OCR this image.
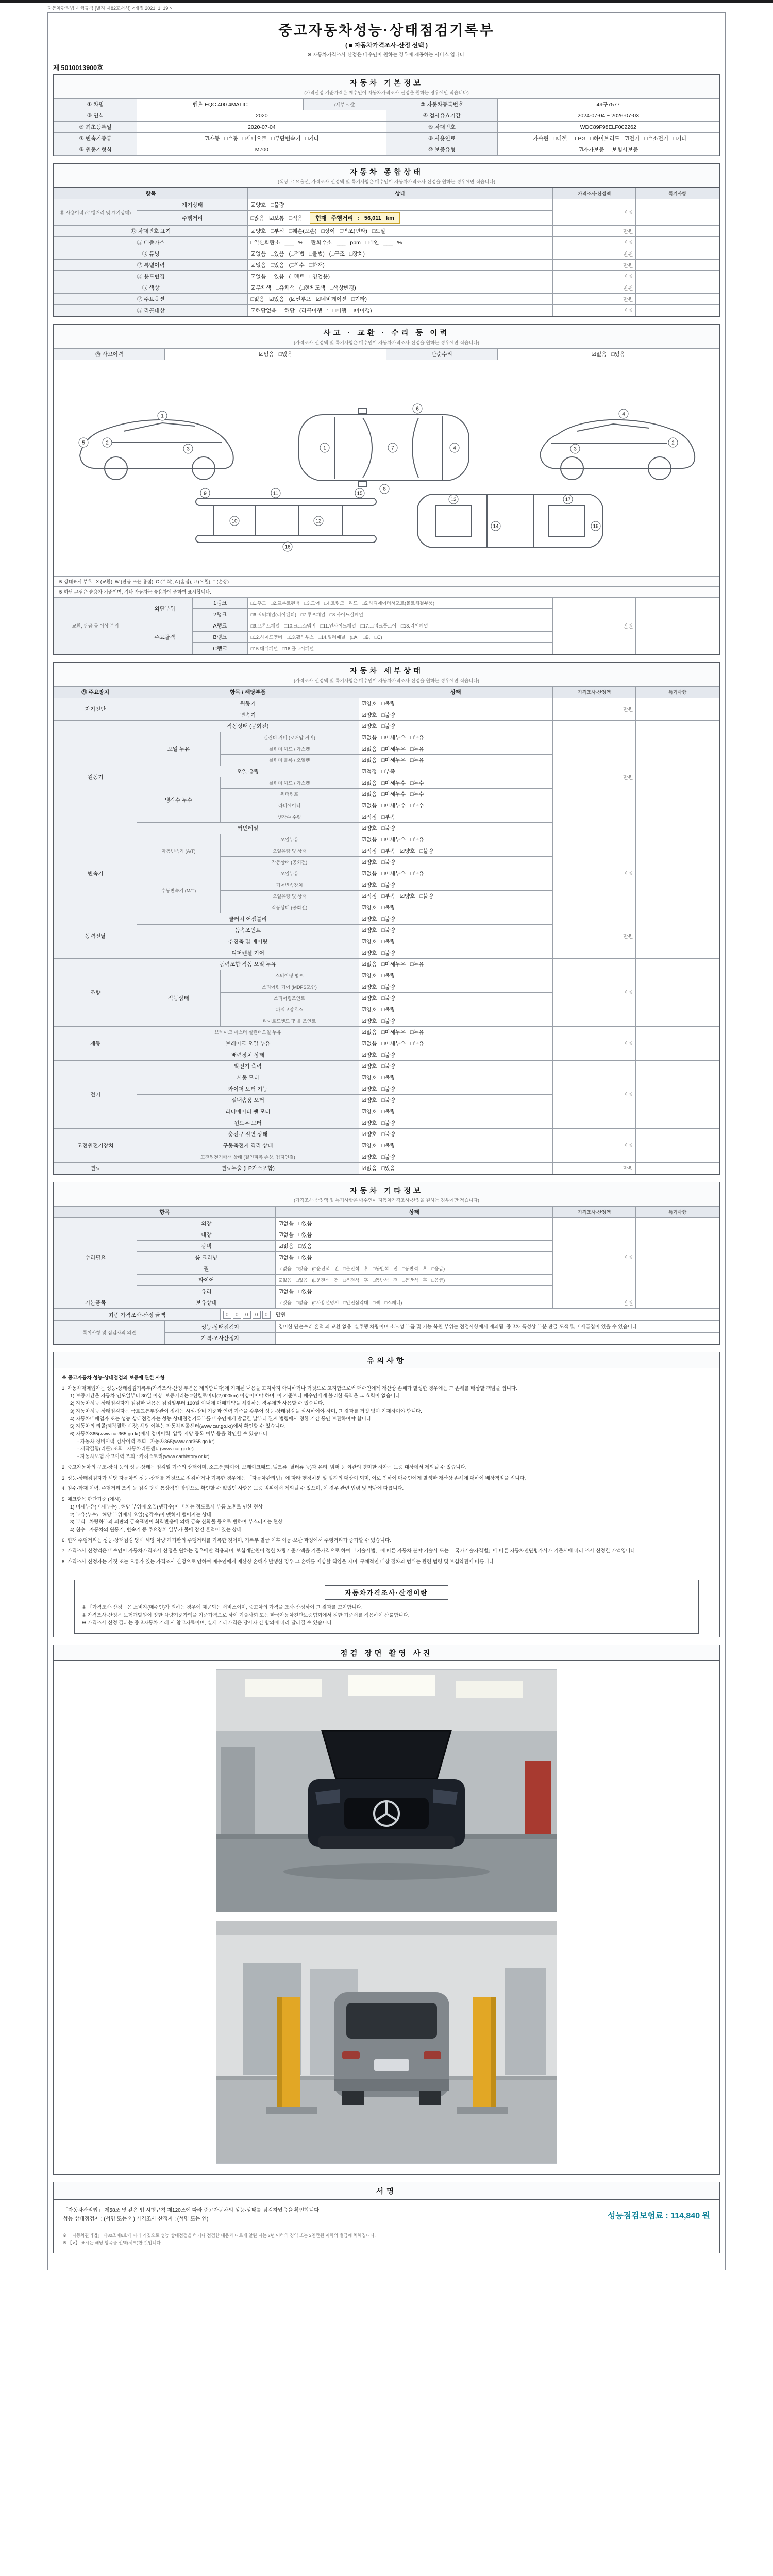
자동차관리법 시행규칙 [별지 제82호서식] <개정 2021. 1. 19.>
중고자동차성능·상태점검기록부
( ■ 자동차가격조사·산정 선택 )
※ 자동차가격조사·산정은 매수인이 원하는 경우에 제공하는 서비스 입니다.
제 5010013900호
자동차 기본정보
(가격산정 기준가격은 매수인이 자동차가격조사·산정을 원하는 경우에만 적습니다)
① 차명	벤츠 EQC 400 4MATIC	(세부모델)	② 자동차등록번호	49구7577
③ 연식	2020		④ 검사유효기간	2024-07-04 ~ 2026-07-03
⑤ 최초등록일	2020-07-04		⑥ 차대번호	WDC89F98ELF002262
⑦ 변속기종류	☑자동 □수동 □세미오토 □무단변속기 □기타		⑧ 사용연료	□가솔린 □디젤 □LPG □하이브리드 ☑전기 □수소전기 □기타
⑨ 원동기형식	M700		⑩ 보증유형	☑자가보증 □보험사보증
자동차 종합상태
(색상, 주요옵션, 가격조사·산정액 및 특기사항은 매수인이 자동차가격조사·산정을 원하는 경우에만 적습니다)
항목		상태	가격조사·산정액	특기사항
⑪ 사용이력 (주행거리 및 계기상태)	계기상태	☑양호 □불량	만원	
	주행거리	□많음 ☑보통 □적음 현재 주행거리 : 56,011 km		
⑫ 차대번호 표기		☑양호 □부식 □훼손(오손) □상이 □변조(변타) □도말	만원	
⑬ 배출가스		□일산화탄소 ___ % □탄화수소 ___ ppm □매연 ___ %	만원	
⑭ 튜닝		☑없음 □있음 (□적법 □불법) (□구조 □장치)	만원	
⑮ 특별이력		☑없음 □있음 (□침수 □화재)	만원	
⑯ 용도변경		☑없음 □있음 (□렌트 □영업용)	만원	
⑰ 색상		☑무채색 □유채색 (□전체도색 □색상변경)	만원	
⑱ 주요옵션		□없음 ☑있음 (☑썬루프 ☑네비게이션 □기타)	만원	
⑲ 리콜대상		☑해당없음 □해당 (리콜이행 : □이행 □미이행)	만원	
사고 · 교환 · 수리 등 이력
(가격조사·산정액 및 특기사항은 매수인이 자동차가격조사·산정을 원하는 경우에만 적습니다)
⑳ 사고이력	☑없음 □있음	단순수리	☑없음 □있음
1
2
3
5
1	7	4
6
8
2
3
4
9
10
11
12
15
16
13
14
17
18
※ 상태표시 부호 : X (교환), W (판금 또는 용접), C (부식), A (흠집), U (요철), T (손상)
※ 하단 그림은 승용차 기준이며, 기타 자동차는 승용차에 준하여 표시합니다.
교환, 판금 등 이상 부위	외판부위	1랭크	□1.후드 □2.프론트펜더 □3.도어 □4.트렁크 리드 □5.라디에이터서포트(볼트체결부품)	만원	
		2랭크	□6.쿼터패널(리어펜더) □7.루프패널 □8.사이드실패널		
	주요골격	A랭크	□9.프론트패널 □10.크로스멤버 □11.인사이드패널 □17.트렁크플로어 □18.리어패널		
		B랭크	□12.사이드멤버 □13.휠하우스 □14.필러패널 (□A, □B, □C)		
		C랭크	□15.대쉬패널 □16.플로어패널		
자동차 세부상태
(가격조사·산정액 및 특기사항은 매수인이 자동차가격조사·산정을 원하는 경우에만 적습니다)
㉑ 주요장치	항목 / 해당부품		상태	가격조사·산정액	특기사항
자기진단	원동기		☑양호 □불량	만원	
	변속기		☑양호 □불량		
원동기	작동상태 (공회전)		☑양호 □불량	만원	
	오일 누유	실린더 커버 (로커암 커버)	☑없음 □미세누유 □누유		
		실린더 헤드 / 가스켓	☑없음 □미세누유 □누유		
		실린더 블록 / 오일팬	☑없음 □미세누유 □누유		
	오일 유량		☑적정 □부족		
	냉각수 누수	실린더 헤드 / 가스켓	☑없음 □미세누수 □누수		
		워터펌프	☑없음 □미세누수 □누수		
		라디에이터	☑없음 □미세누수 □누수		
		냉각수 수량	☑적정 □부족		
	커먼레일		☑양호 □불량		
변속기	자동변속기 (A/T)	오일누유	☑없음 □미세누유 □누유	만원	
		오일유량 및 상태	☑적정 □부족 ☑양호 □불량		
		작동상태 (공회전)	☑양호 □불량		
	수동변속기 (M/T)	오일누유	☑없음 □미세누유 □누유		
		기어변속장치	☑양호 □불량		
		오일유량 및 상태	☑적정 □부족 ☑양호 □불량		
		작동상태 (공회전)	☑양호 □불량		
동력전달	클러치 어셈블리		☑양호 □불량	만원	
	등속조인트		☑양호 □불량		
	추진축 및 베어링		☑양호 □불량		
	디퍼렌셜 기어		☑양호 □불량		
조향	동력조향 작동 오일 누유		☑없음 □미세누유 □누유	만원	
	작동상태	스티어링 펌프	☑양호 □불량		
		스티어링 기어 (MDPS포함)	☑양호 □불량		
		스티어링조인트	☑양호 □불량		
		파워고압호스	☑양호 □불량		
		타이로드엔드 및 볼 조인트	☑양호 □불량		
제동	브레이크 마스터 실린더오일 누유		☑없음 □미세누유 □누유	만원	
	브레이크 오일 누유		☑없음 □미세누유 □누유		
	배력장치 상태		☑양호 □불량		
전기	발전기 출력		☑양호 □불량	만원	
	시동 모터		☑양호 □불량		
	와이퍼 모터 기능		☑양호 □불량		
	실내송풍 모터		☑양호 □불량		
	라디에이터 팬 모터		☑양호 □불량		
	윈도우 모터		☑양호 □불량		
고전원전기장치	충전구 절연 상태		☑양호 □불량	만원	
	구동축전지 격리 상태		☑양호 □불량		
	고전원전기배선 상태 (절연피복 손상, 접지연결)		☑양호 □불량		
연료	연료누출 (LP가스포함)		☑없음 □있음	만원	
자동차 기타정보
(가격조사·산정액 및 특기사항은 매수인이 자동차가격조사·산정을 원하는 경우에만 적습니다)
항목		상태	가격조사·산정액	특기사항
수리필요	외장	☑없음 □있음	만원	
	내장	☑없음 □있음		
	광택	☑없음 □있음		
	룸 크리닝	☑없음 □있음		
	휠	☑없음 □있음 (□운전석 전 □운전석 후 □동반석 전 □동반석 후 □응급)		
	타이어	☑없음 □있음 (□운전석 전 □운전석 후 □동반석 전 □동반석 후 □응급)		
	유리	☑없음 □있음		
기본품목	보유상태	☑있음 □없음 (□사용설명서 □안전삼각대 □잭 □스패너)	만원	
최종 가격조사·산정 금액	0 0 0 0 0 만원
특이사항 및 점검자의 의견	성능·상태점검자	경미한 단순수리 흔적 외 교환 없음. 실주행 차량이며 소모성 부품 및 기능 복원 부위는 점검사항에서 제외됨. 중고차 특성상 부분 판금·도색 및 미세흠집이 있을 수 있습니다.
	가격·조사산정자	
유의사항
※ 중고자동차 성능·상태점검의 보증에 관한 사항
1. 자동차매매업자는 성능·상태점검기록부(가격조사·산정 부분은 제외합니다)에 기재된 내용을 고지하지 아니하거나 거짓으로 고지함으로써 매수인에게 재산상 손해가 발생한 경우에는 그 손해를 배상할 책임을 집니다.
1) 보증기간은 자동차 인도일부터 30일 이상, 보증거리는 2천킬로미터(2,000km) 이상이어야 하며, 이 기준보다 매수인에게 불리한 특약은 그 효력이 없습니다.
2) 자동차성능·상태점검자가 점검한 내용은 점검일부터 120일 이내에 매매계약을 체결하는 경우에만 사용할 수 있습니다.
3) 자동차성능·상태점검자는 국토교통부장관이 정하는 시설·장비 기준과 인력 기준을 갖추어 성능·상태점검을 실시하여야 하며, 그 결과를 거짓 없이 기재하여야 합니다.
4) 자동차매매업자 또는 성능·상태점검자는 성능·상태점검기록부를 매수인에게 발급한 날부터 관계 법령에서 정한 기간 동안 보관하여야 합니다.
5) 자동차의 리콜(제작결함 시정) 해당 여부는 자동차리콜센터(www.car.go.kr)에서 확인할 수 있습니다.
6) 자동차365(www.car365.go.kr)에서 정비이력, 압류·저당 등록 여부 등을 확인할 수 있습니다.
- 자동차 정비이력·검사이력 조회 : 자동차365(www.car365.go.kr)
- 제작결함(리콜) 조회 : 자동차리콜센터(www.car.go.kr)
- 자동차보험 사고이력 조회 : 카히스토리(www.carhistory.or.kr)
2. 중고자동차의 구조·장치 등의 성능·상태는 점검일 기준의 상태이며, 소모품(타이어, 브레이크패드, 벨트류, 필터류 등)과 유리, 범퍼 등 외관의 경미한 하자는 보증 대상에서 제외될 수 있습니다.
3. 성능·상태점검자가 해당 자동차의 성능·상태를 거짓으로 점검하거나 기록한 경우에는 「자동차관리법」에 따라 행정처분 및 벌칙의 대상이 되며, 이로 인하여 매수인에게 발생한 재산상 손해에 대하여 배상책임을 집니다.
4. 침수·화재 이력, 주행거리 조작 등 점검 당시 통상적인 방법으로 확인할 수 없었던 사항은 보증 범위에서 제외될 수 있으며, 이 경우 관련 법령 및 약관에 따릅니다.
5. 체크항목 판단기준 (예시)
1) 미세누유(미세누수) : 해당 부위에 오일(냉각수)이 비치는 정도로서 부품 노후로 인한 현상
2) 누유(누수) : 해당 부위에서 오일(냉각수)이 맺혀서 떨어지는 상태
3) 부식 : 차량하부와 외판의 금속표면이 화학반응에 의해 금속 산화물 등으로 변하여 부스러지는 현상
4) 침수 : 자동차의 원동기, 변속기 등 주요장치 일부가 물에 잠긴 흔적이 있는 상태
6. 현재 주행거리는 성능·상태점검 당시 해당 차량 계기판의 주행거리를 기록한 것이며, 기록부 발급 이후 이동·보관 과정에서 주행거리가 증가할 수 있습니다.
7. 가격조사·산정액은 매수인이 자동차가격조사·산정을 원하는 경우에만 적용되며, 보험개발원이 정한 차량기준가액을 기준가격으로 하여 「기술사법」에 따른 자동차 분야 기술사 또는 「국가기술자격법」에 따른 자동차진단평가사가 기준서에 따라 조사·산정한 가액입니다.
8. 가격조사·산정자는 거짓 또는 오류가 있는 가격조사·산정으로 인하여 매수인에게 재산상 손해가 발생한 경우 그 손해를 배상할 책임을 지며, 구체적인 배상 절차와 범위는 관련 법령 및 보험약관에 따릅니다.
자동차가격조사·산정이란
※ 「가격조사·산정」은 소비자(매수인)가 원하는 경우에 제공되는 서비스이며, 중고차의 가격을 조사·산정하여 그 결과를 고지합니다.
※ 가격조사·산정은 보험개발원이 정한 차량기준가액을 기준가격으로 하여 기술사회 또는 한국자동차진단보증협회에서 정한 기준서를 적용하여 산출합니다.
※ 가격조사·산정 결과는 중고자동차 거래 시 참고자료이며, 실제 거래가격은 당사자 간 합의에 따라 달라질 수 있습니다.
점검 장면 촬영 사진
서명
「자동차관리법」 제58조 및 같은 법 시행규칙 제120조에 따라 중고자동차의 성능·상태를 점검하였음을 확인합니다.
성능·상태점검자 : (서명 또는 인) 가격조사·산정자 : (서명 또는 인)	성능점검보험료 : 114,840 원
※ 「자동차관리법」 제80조제6호에 따라 거짓으로 성능·상태점검을 하거나 점검한 내용과 다르게 알린 자는 2년 이하의 징역 또는 2천만원 이하의 벌금에 처해집니다.
※ 【∨】 표시는 해당 항목을 선택(체크)한 것입니다.
